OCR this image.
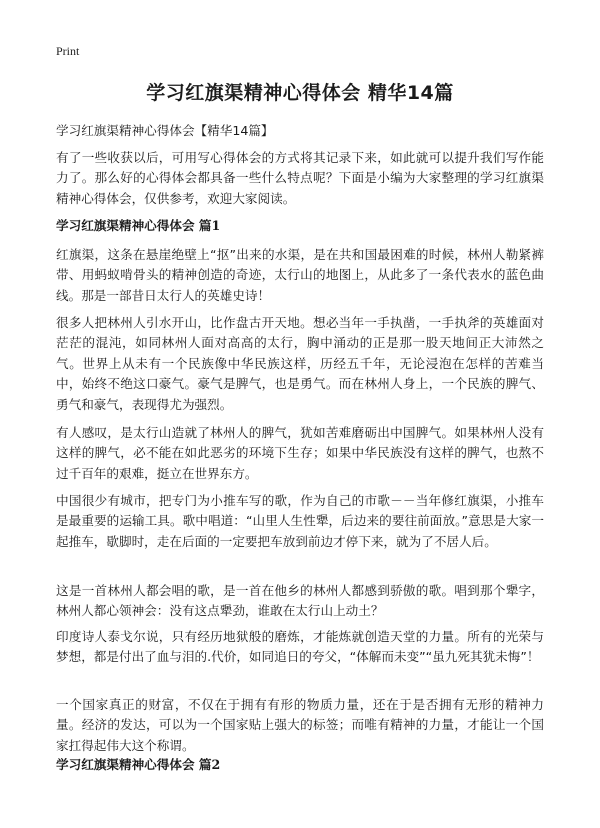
Print
学习红旗渠精神心得体会 精华14篇
学习红旗渠精神心得体会【精华14篇】
有了一些收获以后，可用写心得体会的方式将其记录下来，如此就可以提升我们写作能力了。那么好的心得体会都具备一些什么特点呢？下面是小编为大家整理的学习红旗渠精神心得体会，仅供参考，欢迎大家阅读。
学习红旗渠精神心得体会 篇1
红旗渠，这条在悬崖绝壁上“抠”出来的水渠，是在共和国最困难的时候，林州人勒紧裤带、用蚂蚁啃骨头的精神创造的奇迹，太行山的地图上，从此多了一条代表水的蓝色曲线。那是一部昔日太行人的英雄史诗！
很多人把林州人引水开山，比作盘古开天地。想必当年一手执凿，一手执斧的英雄面对茫茫的混沌，如同林州人面对高高的太行，胸中涌动的正是那一股天地间正大沛然之气。世界上从未有一个民族像中华民族这样，历经五千年，无论浸泡在怎样的苦难当中，始终不绝这口豪气。豪气是脾气，也是勇气。而在林州人身上，一个民族的脾气、勇气和豪气，表现得尤为强烈。
有人感叹，是太行山造就了林州人的脾气，犹如苦难磨砺出中国脾气。如果林州人没有这样的脾气，必不能在如此恶劣的环境下生存；如果中华民族没有这样的脾气，也熬不过千百年的艰难，挺立在世界东方。
中国很少有城市，把专门为小推车写的歌，作为自己的市歌－－当年修红旗渠，小推车是最重要的运输工具。歌中唱道：“山里人生性犟，后边来的要往前面放。”意思是大家一起推车，歇脚时，走在后面的一定要把车放到前边才停下来，就为了不居人后。
这是一首林州人都会唱的歌，是一首在他乡的林州人都感到骄傲的歌。唱到那个犟字，林州人都心领神会：没有这点犟劲，谁敢在太行山上动土？
印度诗人泰戈尔说，只有经历地狱般的磨炼，才能炼就创造天堂的力量。所有的光荣与梦想，都是付出了血与泪的.代价，如同追日的夸父，“体解而未变”“虽九死其犹未悔”！
一个国家真正的财富，不仅在于拥有有形的物质力量，还在于是否拥有无形的精神力量。经济的发达，可以为一个国家贴上强大的标签；而唯有精神的力量，才能让一个国家扛得起伟大这个称谓。
学习红旗渠精神心得体会 篇2
